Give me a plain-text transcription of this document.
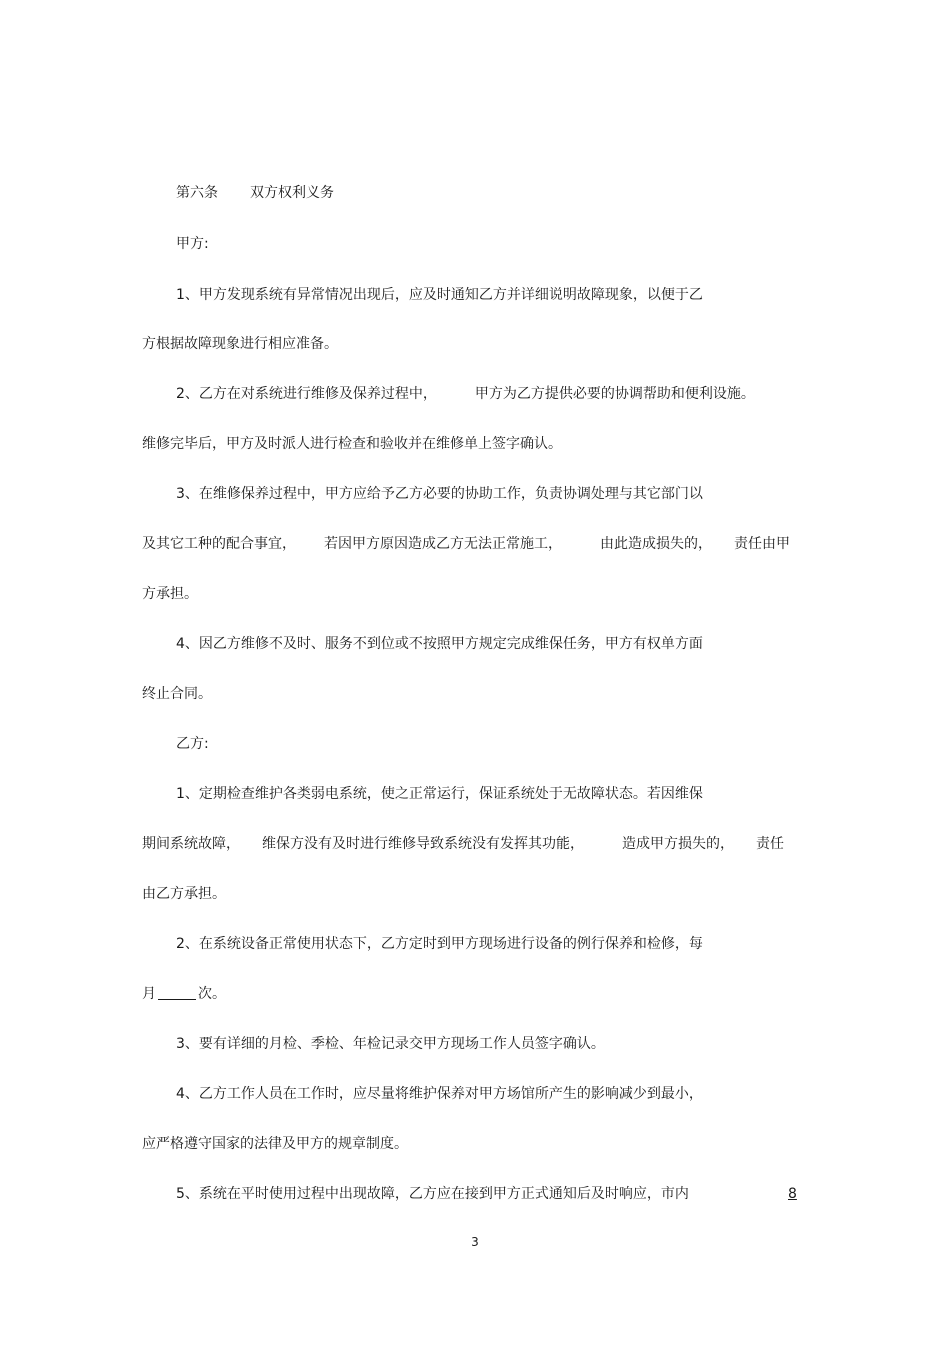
第六条 双方权利义务
甲方:
1、甲方发现系统有异常情况出现后，应及时通知乙方并详细说明故障现象，以便于乙
方根据故障现象进行相应准备。
2、乙方在对系统进行维修及保养过程中，	甲方为乙方提供必要的协调帮助和便利设施。
维修完毕后，甲方及时派人进行检查和验收并在维修单上签字确认。
3、在维修保养过程中，甲方应给予乙方必要的协助工作，负责协调处理与其它部门以
及其它工种的配合事宜， 若因甲方原因造成乙方无法正常施工，	由此造成损失的， 责任由甲
方承担。
4、因乙方维修不及时、服务不到位或不按照甲方规定完成维保任务，甲方有权单方面
终止合同。
乙方:
1、定期检查维护各类弱电系统，使之正常运行，保证系统处于无故障状态。若因维保
期间系统故障， 维保方没有及时进行维修导致系统没有发挥其功能，	造成甲方损失的， 责任
由乙方承担。
2、在系统设备正常使用状态下，乙方定时到甲方现场进行设备的例行保养和检修，每
月	次。
3、要有详细的月检、季检、年检记录交甲方现场工作人员签字确认。
4、乙方工作人员在工作时，应尽量将维护保养对甲方场馆所产生的影响减少到最小，
应严格遵守国家的法律及甲方的规章制度。
5、系统在平时使用过程中出现故障，乙方应在接到甲方正式通知后及时响应，市内	8
3
